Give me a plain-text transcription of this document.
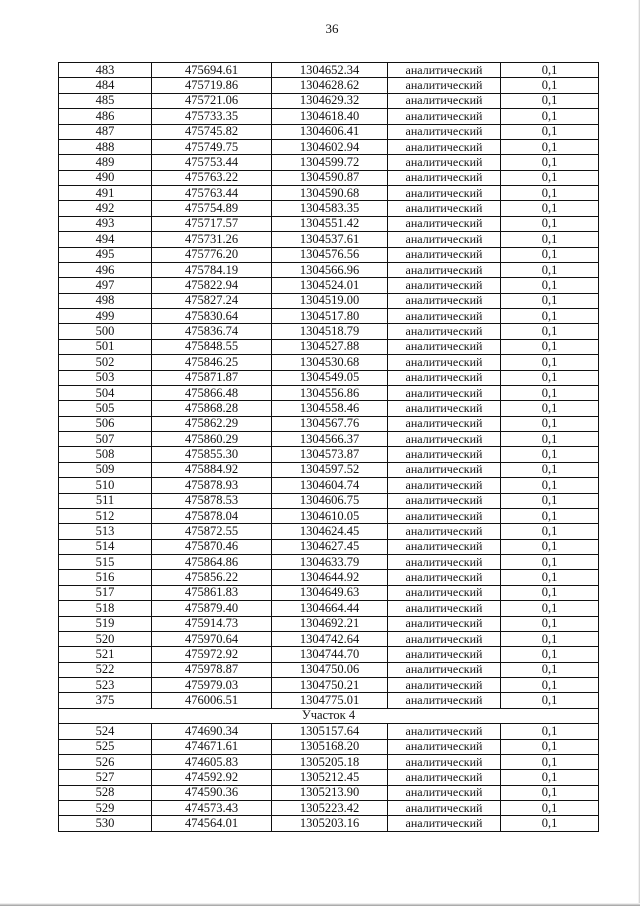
36
483	475694.61	1304652.34	аналитический	0,1
484	475719.86	1304628.62	аналитический	0,1
485	475721.06	1304629.32	аналитический	0,1
486	475733.35	1304618.40	аналитический	0,1
487	475745.82	1304606.41	аналитический	0,1
488	475749.75	1304602.94	аналитический	0,1
489	475753.44	1304599.72	аналитический	0,1
490	475763.22	1304590.87	аналитический	0,1
491	475763.44	1304590.68	аналитический	0,1
492	475754.89	1304583.35	аналитический	0,1
493	475717.57	1304551.42	аналитический	0,1
494	475731.26	1304537.61	аналитический	0,1
495	475776.20	1304576.56	аналитический	0,1
496	475784.19	1304566.96	аналитический	0,1
497	475822.94	1304524.01	аналитический	0,1
498	475827.24	1304519.00	аналитический	0,1
499	475830.64	1304517.80	аналитический	0,1
500	475836.74	1304518.79	аналитический	0,1
501	475848.55	1304527.88	аналитический	0,1
502	475846.25	1304530.68	аналитический	0,1
503	475871.87	1304549.05	аналитический	0,1
504	475866.48	1304556.86	аналитический	0,1
505	475868.28	1304558.46	аналитический	0,1
506	475862.29	1304567.76	аналитический	0,1
507	475860.29	1304566.37	аналитический	0,1
508	475855.30	1304573.87	аналитический	0,1
509	475884.92	1304597.52	аналитический	0,1
510	475878.93	1304604.74	аналитический	0,1
511	475878.53	1304606.75	аналитический	0,1
512	475878.04	1304610.05	аналитический	0,1
513	475872.55	1304624.45	аналитический	0,1
514	475870.46	1304627.45	аналитический	0,1
515	475864.86	1304633.79	аналитический	0,1
516	475856.22	1304644.92	аналитический	0,1
517	475861.83	1304649.63	аналитический	0,1
518	475879.40	1304664.44	аналитический	0,1
519	475914.73	1304692.21	аналитический	0,1
520	475970.64	1304742.64	аналитический	0,1
521	475972.92	1304744.70	аналитический	0,1
522	475978.87	1304750.06	аналитический	0,1
523	475979.03	1304750.21	аналитический	0,1
375	476006.51	1304775.01	аналитический	0,1
Участок 4				
524	474690.34	1305157.64	аналитический	0,1
525	474671.61	1305168.20	аналитический	0,1
526	474605.83	1305205.18	аналитический	0,1
527	474592.92	1305212.45	аналитический	0,1
528	474590.36	1305213.90	аналитический	0,1
529	474573.43	1305223.42	аналитический	0,1
530	474564.01	1305203.16	аналитический	0,1
